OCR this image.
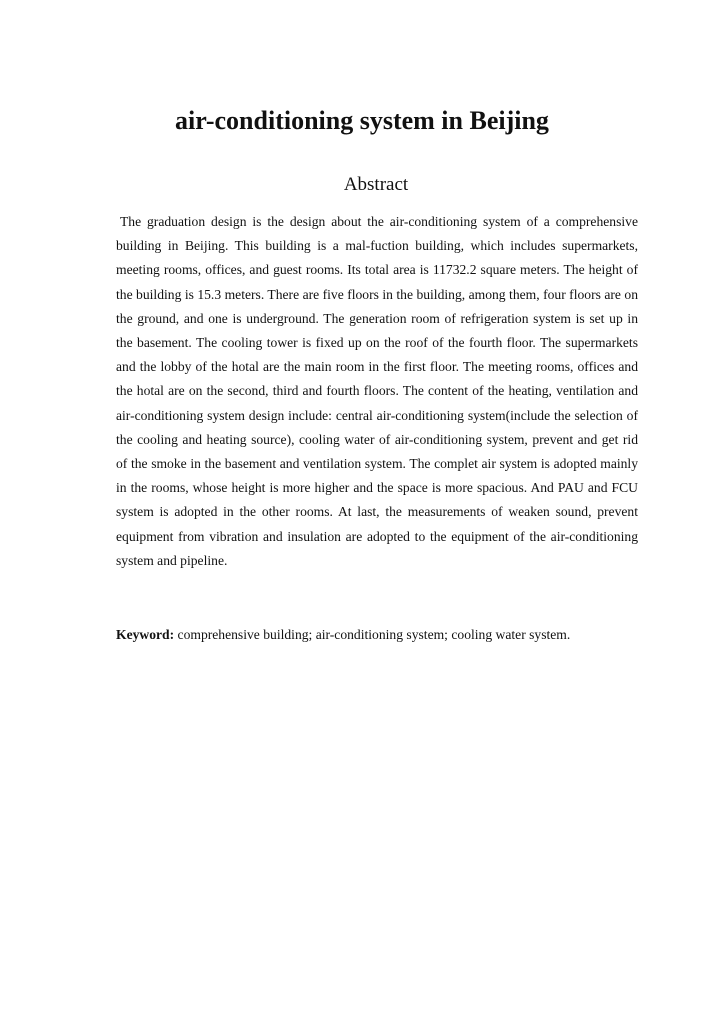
air-conditioning system in Beijing
Abstract

The graduation design is the design about the air-conditioning system of a comprehensive building in Beijing. This building is a mal-fuction building, which includes supermarkets, meeting rooms, offices, and guest rooms. Its total area is 11732.2 square meters. The height of the building is 15.3 meters. There are five floors in the building, among them, four floors are on the ground, and one is underground. The generation room of refrigeration system is set up in the basement. The cooling tower is fixed up on the roof of the fourth floor. The supermarkets and the lobby of the hotal are the main room in the first floor. The meeting rooms, offices and the hotal are on the second, third and fourth floors. The content of the heating, ventilation and air-conditioning system design include: central air-conditioning system(include the selection of the cooling and heating source), cooling water of air-conditioning system, prevent and get rid of the smoke in the basement and ventilation system. The complet air system is adopted mainly in the rooms, whose height is more higher and the space is more spacious. And PAU and FCU system is adopted in the other rooms. At last, the measurements of weaken sound, prevent equipment from vibration and insulation are adopted to the equipment of the air-conditioning system and pipeline.

Keyword: comprehensive building; air-conditioning system; cooling water system.
